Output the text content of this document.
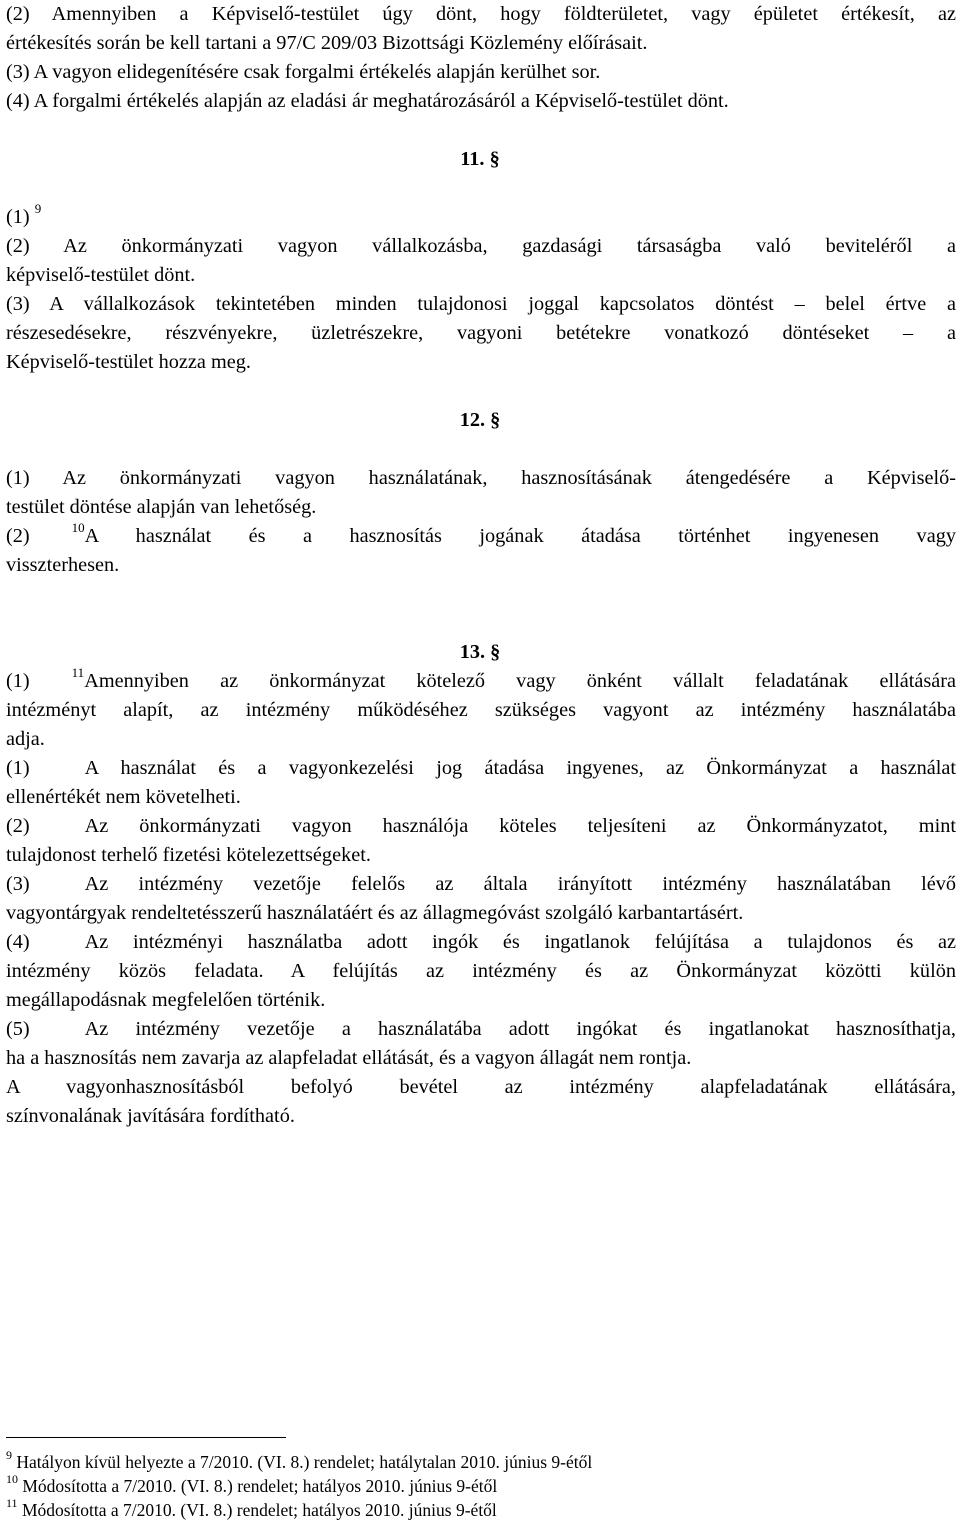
(2) Amennyiben a Képviselő-testület úgy dönt, hogy földterületet, vagy épületet értékesít, az
értékesítés során be kell tartani a 97/C 209/03 Bizottsági Közlemény előírásait.
(3) A vagyon elidegenítésére csak forgalmi értékelés alapján kerülhet sor.
(4) A forgalmi értékelés alapján az eladási ár meghatározásáról a Képviselő-testület dönt.
11. §
(1) $^9$
(2) Az önkormányzati vagyon vállalkozásba, gazdasági társaságba való beviteléről a
képviselő-testület dönt.
(3) A vállalkozások tekintetében minden tulajdonosi joggal kapcsolatos döntést – belel értve a
részesedésekre, részvényekre, üzletrészekre, vagyoni betétekre vonatkozó döntéseket – a
Képviselő-testület hozza meg.
12. §
(1) Az önkormányzati vagyon használatának, hasznosításának átengedésére a Képviselő-
testület döntése alapján van lehetőség.
(2)	$^{10}$A használat és a hasznosítás jogának átadása történhet ingyenesen vagy
visszterhesen.
13. §
(1)	$^{11}$Amennyiben az önkormányzat kötelező vagy önként vállalt feladatának ellátására
intézményt alapít, az intézmény működéséhez szükséges vagyont az intézmény használatába
adja.
(1)	A használat és a vagyonkezelési jog átadása ingyenes, az Önkormányzat a használat
ellenértékét nem követelheti.
(2)	Az önkormányzati vagyon használója köteles teljesíteni az Önkormányzatot, mint
tulajdonost terhelő fizetési kötelezettségeket.
(3)	Az intézmény vezetője felelős az általa irányított intézmény használatában lévő
vagyontárgyak rendeltetésszerű használatáért és az állagmegóvást szolgáló karbantartásért.
(4)	Az intézményi használatba adott ingók és ingatlanok felújítása a tulajdonos és az
intézmény közös feladata. A felújítás az intézmény és az Önkormányzat közötti külön
megállapodásnak megfelelően történik.
(5)	Az intézmény vezetője a használatába adott ingókat és ingatlanokat hasznosíthatja,
ha a hasznosítás nem zavarja az alapfeladat ellátását, és a vagyon állagát nem rontja.
A vagyonhasznosításból befolyó bevétel az intézmény alapfeladatának ellátására,
színvonalának javítására fordítható.
$^9$ Hatályon kívül helyezte a 7/2010. (VI. 8.) rendelet; hatálytalan 2010. június 9-étől
$^{10}$ Módosította a 7/2010. (VI. 8.) rendelet; hatályos 2010. június 9-étől
$^{11}$ Módosította a 7/2010. (VI. 8.) rendelet; hatályos 2010. június 9-étől
